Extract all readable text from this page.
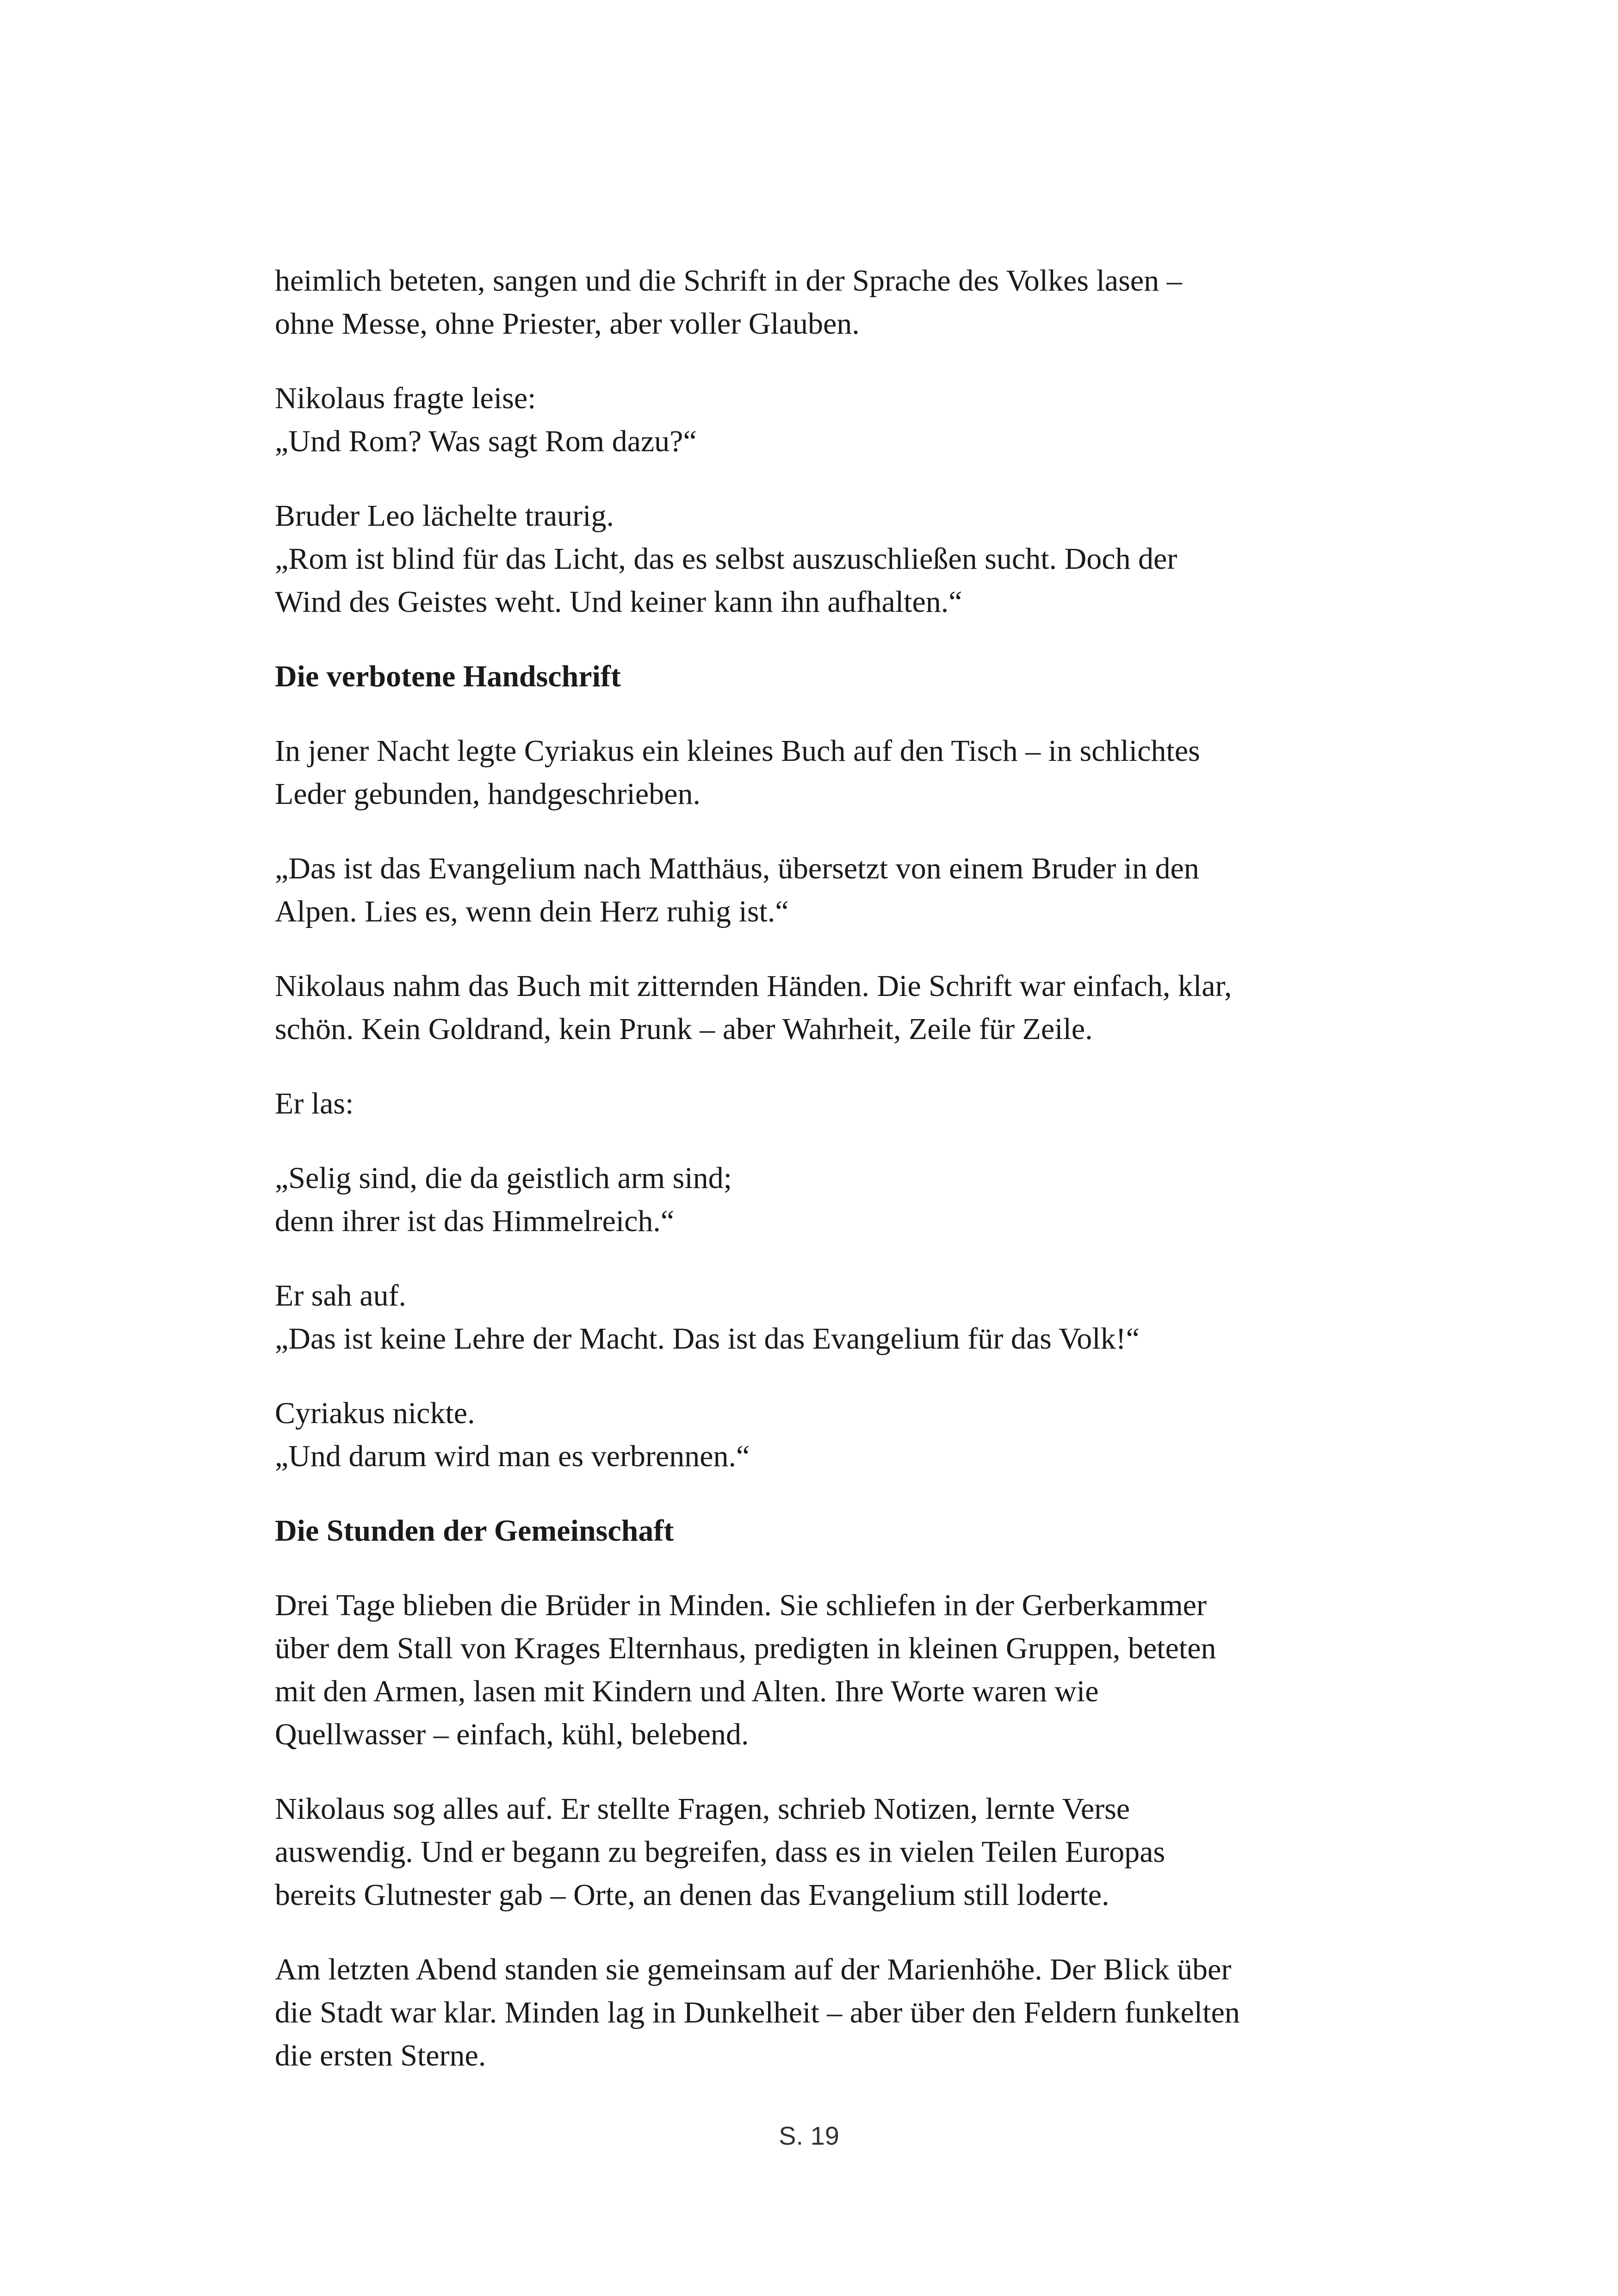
heimlich beteten, sangen und die Schrift in der Sprache des Volkes lasen –
ohne Messe, ohne Priester, aber voller Glauben.
Nikolaus fragte leise:
„Und Rom? Was sagt Rom dazu?“
Bruder Leo lächelte traurig.
„Rom ist blind für das Licht, das es selbst auszuschließen sucht. Doch der
Wind des Geistes weht. Und keiner kann ihn aufhalten.“
Die verbotene Handschrift
In jener Nacht legte Cyriakus ein kleines Buch auf den Tisch – in schlichtes
Leder gebunden, handgeschrieben.
„Das ist das Evangelium nach Matthäus, übersetzt von einem Bruder in den
Alpen. Lies es, wenn dein Herz ruhig ist.“
Nikolaus nahm das Buch mit zitternden Händen. Die Schrift war einfach, klar,
schön. Kein Goldrand, kein Prunk – aber Wahrheit, Zeile für Zeile.
Er las:
„Selig sind, die da geistlich arm sind;
denn ihrer ist das Himmelreich.“
Er sah auf.
„Das ist keine Lehre der Macht. Das ist das Evangelium für das Volk!“
Cyriakus nickte.
„Und darum wird man es verbrennen.“
Die Stunden der Gemeinschaft
Drei Tage blieben die Brüder in Minden. Sie schliefen in der Gerberkammer
über dem Stall von Krages Elternhaus, predigten in kleinen Gruppen, beteten
mit den Armen, lasen mit Kindern und Alten. Ihre Worte waren wie
Quellwasser – einfach, kühl, belebend.
Nikolaus sog alles auf. Er stellte Fragen, schrieb Notizen, lernte Verse
auswendig. Und er begann zu begreifen, dass es in vielen Teilen Europas
bereits Glutnester gab – Orte, an denen das Evangelium still loderte.
Am letzten Abend standen sie gemeinsam auf der Marienhöhe. Der Blick über
die Stadt war klar. Minden lag in Dunkelheit – aber über den Feldern funkelten
die ersten Sterne.
S. 19
